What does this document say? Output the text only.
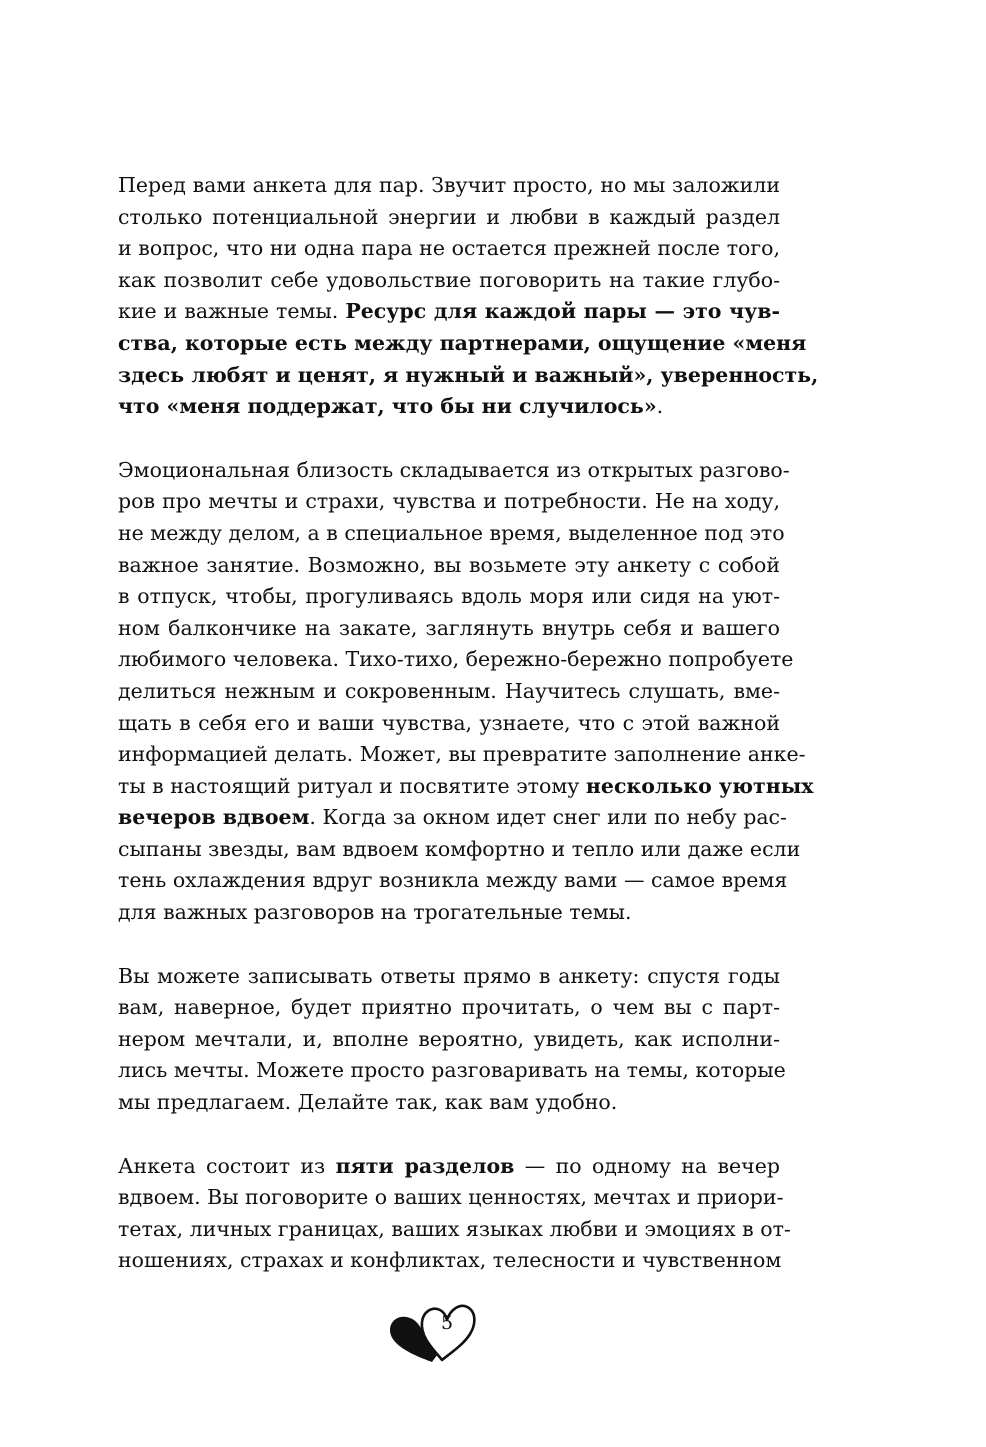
Перед вами анкета для пар. Звучит просто, но мы заложили
столько потенциальной энергии и любви в каждый раздел
и вопрос, что ни одна пара не остается прежней после того,
как позволит себе удовольствие поговорить на такие глубо-
кие и важные темы. Ресурс для каждой пары — это чув-
ства, которые есть между партнерами, ощущение «меня
здесь любят и ценят, я нужный и важный», уверенность,
что «меня поддержат, что бы ни случилось».
Эмоциональная близость складывается из открытых разгово-
ров про мечты и страхи, чувства и потребности. Не на ходу,
не между делом, а в специальное время, выделенное под это
важное занятие. Возможно, вы возьмете эту анкету с собой
в отпуск, чтобы, прогуливаясь вдоль моря или сидя на уют-
ном балкончике на закате, заглянуть внутрь себя и вашего
любимого человека. Тихо-тихо, бережно-бережно попробуете
делиться нежным и сокровенным. Научитесь слушать, вме-
щать в себя его и ваши чувства, узнаете, что с этой важной
информацией делать. Может, вы превратите заполнение анке-
ты в настоящий ритуал и посвятите этому несколько уютных
вечеров вдвоем. Когда за окном идет снег или по небу рас-
сыпаны звезды, вам вдвоем комфортно и тепло или даже если
тень охлаждения вдруг возникла между вами — самое время
для важных разговоров на трогательные темы.
Вы можете записывать ответы прямо в анкету: спустя годы
вам, наверное, будет приятно прочитать, о чем вы с парт-
нером мечтали, и, вполне вероятно, увидеть, как исполни-
лись мечты. Можете просто разговаривать на темы, которые
мы предлагаем. Делайте так, как вам удобно.
Анкета состоит из пяти разделов — по одному на вечер
вдвоем. Вы поговорите о ваших ценностях, мечтах и приори-
тетах, личных границах, ваших языках любви и эмоциях в от-
ношениях, страхах и конфликтах, телесности и чувственном
5
